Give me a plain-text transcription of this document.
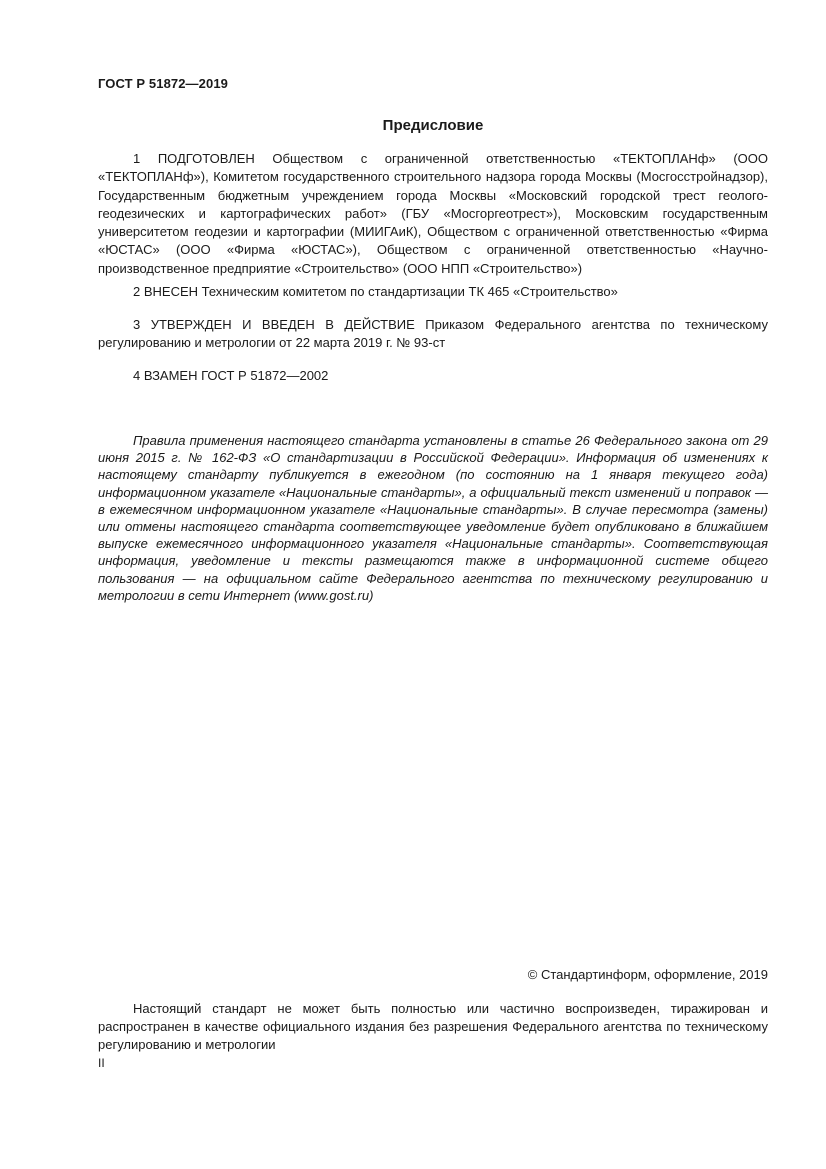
ГОСТ Р 51872—2019
Предисловие
1 ПОДГОТОВЛЕН Обществом с ограниченной ответственностью «ТЕКТОПЛАНф» (ООО «ТЕКТОПЛАНф»), Комитетом государственного строительного надзора города Москвы (Мосгосстройнадзор), Государственным бюджетным учреждением города Москвы «Московский городской трест геолого-геодезических и картографических работ» (ГБУ «Мосгоргеотрест»), Московским государственным университетом геодезии и картографии (МИИГАиК), Обществом с ограниченной ответственностью «Фирма «ЮСТАС» (ООО «Фирма «ЮСТАС»), Обществом с ограниченной ответственностью «Научно-производственное предприятие «Строительство» (ООО НПП «Строительство»)
2 ВНЕСЕН Техническим комитетом по стандартизации ТК 465 «Строительство»
3 УТВЕРЖДЕН И ВВЕДЕН В ДЕЙСТВИЕ Приказом Федерального агентства по техническому регулированию и метрологии от 22 марта 2019 г. № 93-ст
4 ВЗАМЕН ГОСТ Р 51872—2002
Правила применения настоящего стандарта установлены в статье 26 Федерального закона от 29 июня 2015 г. № 162-ФЗ «О стандартизации в Российской Федерации». Информация об изменениях к настоящему стандарту публикуется в ежегодном (по состоянию на 1 января текущего года) информационном указателе «Национальные стандарты», а официальный текст изменений и поправок — в ежемесячном информационном указателе «Национальные стандарты». В случае пересмотра (замены) или отмены настоящего стандарта соответствующее уведомление будет опубликовано в ближайшем выпуске ежемесячного информационного указателя «Национальные стандарты». Соответствующая информация, уведомление и тексты размещаются также в информационной системе общего пользования — на официальном сайте Федерального агентства по техническому регулированию и метрологии в сети Интернет (www.gost.ru)
© Стандартинформ, оформление, 2019
Настоящий стандарт не может быть полностью или частично воспроизведен, тиражирован и распространен в качестве официального издания без разрешения Федерального агентства по техническому регулированию и метрологии
II
